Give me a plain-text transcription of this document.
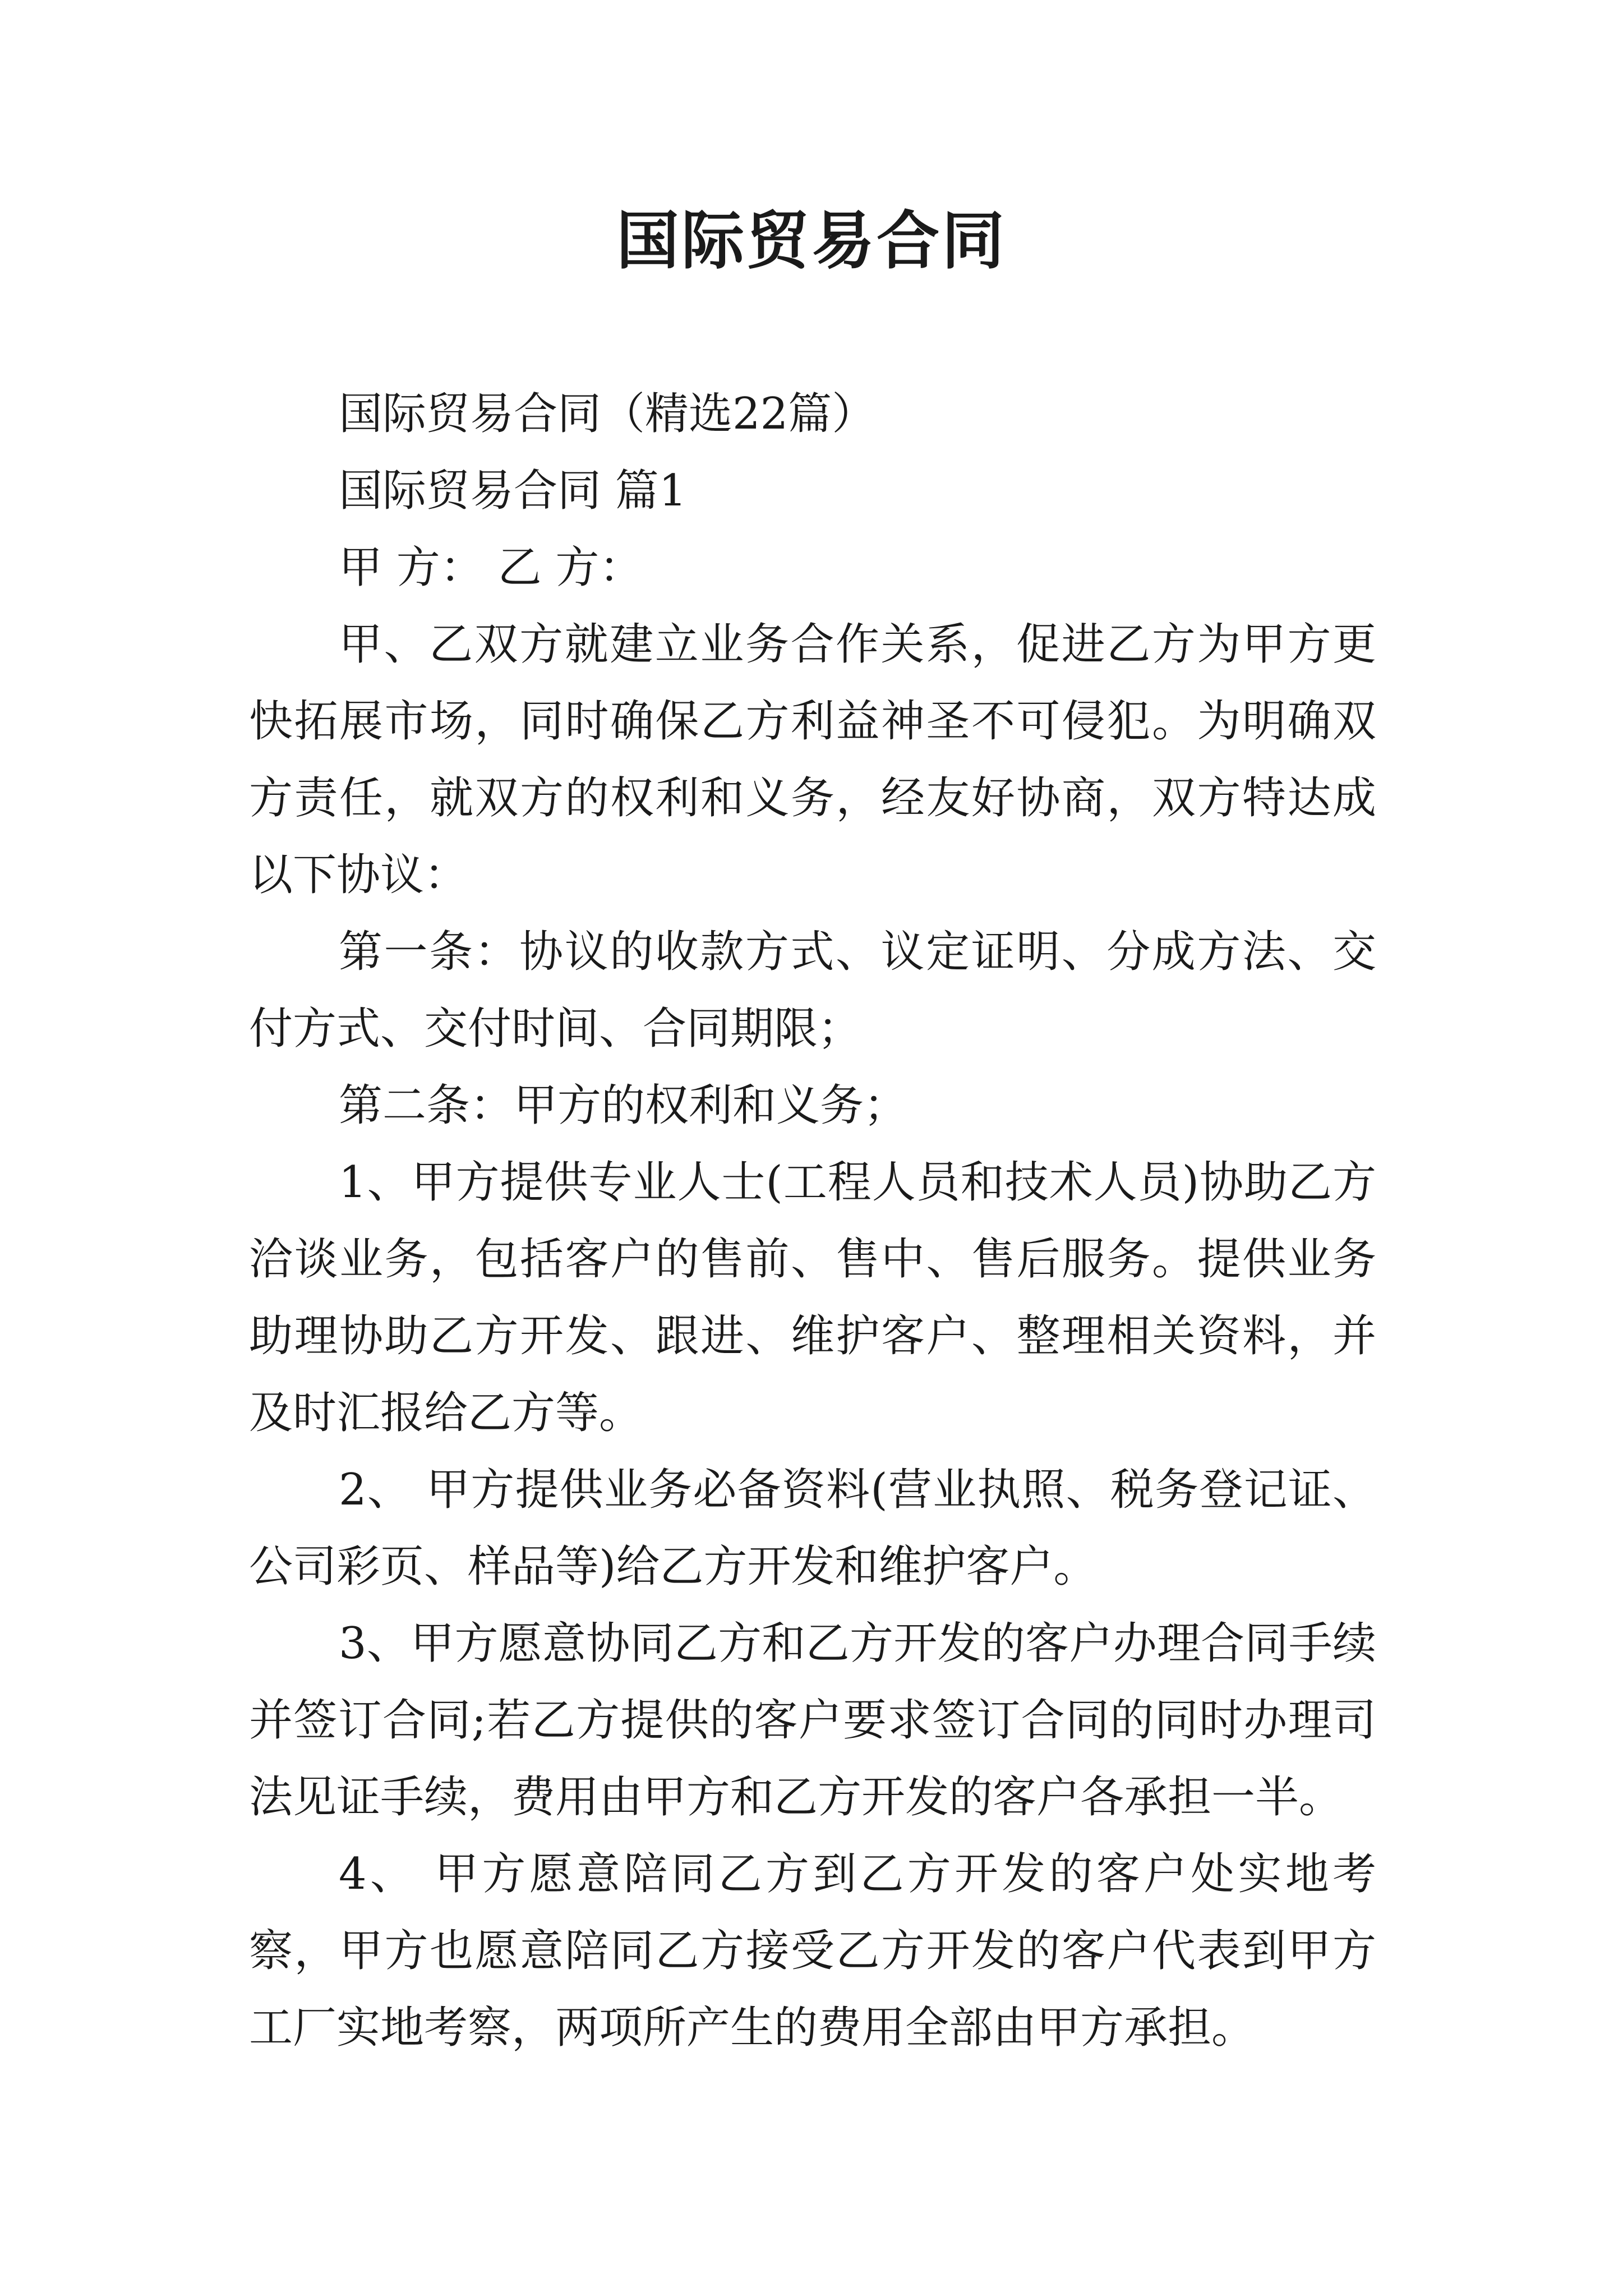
国际贸易合同

国际贸易合同（精选22篇）

国际贸易合同 篇1

甲 方： 乙 方：

甲、乙双方就建立业务合作关系，促进乙方为甲方更快拓展市场，同时确保乙方利益神圣不可侵犯。为明确双方责任，就双方的权利和义务，经友好协商，双方特达成以下协议：

第一条：协议的收款方式、议定证明、分成方法、交付方式、交付时间、合同期限；

第二条：甲方的权利和义务；

1、甲方提供专业人士(工程人员和技术人员)协助乙方洽谈业务，包括客户的售前、售中、售后服务。提供业务助理协助乙方开发、跟进、维护客户、整理相关资料，并及时汇报给乙方等。

2、 甲方提供业务必备资料(营业执照、税务登记证、公司彩页、样品等)给乙方开发和维护客户。

3、甲方愿意协同乙方和乙方开发的客户办理合同手续并签订合同;若乙方提供的客户要求签订合同的同时办理司法见证手续，费用由甲方和乙方开发的客户各承担一半。

4、 甲方愿意陪同乙方到乙方开发的客户处实地考察，甲方也愿意陪同乙方接受乙方开发的客户代表到甲方工厂实地考察，两项所产生的费用全部由甲方承担。
